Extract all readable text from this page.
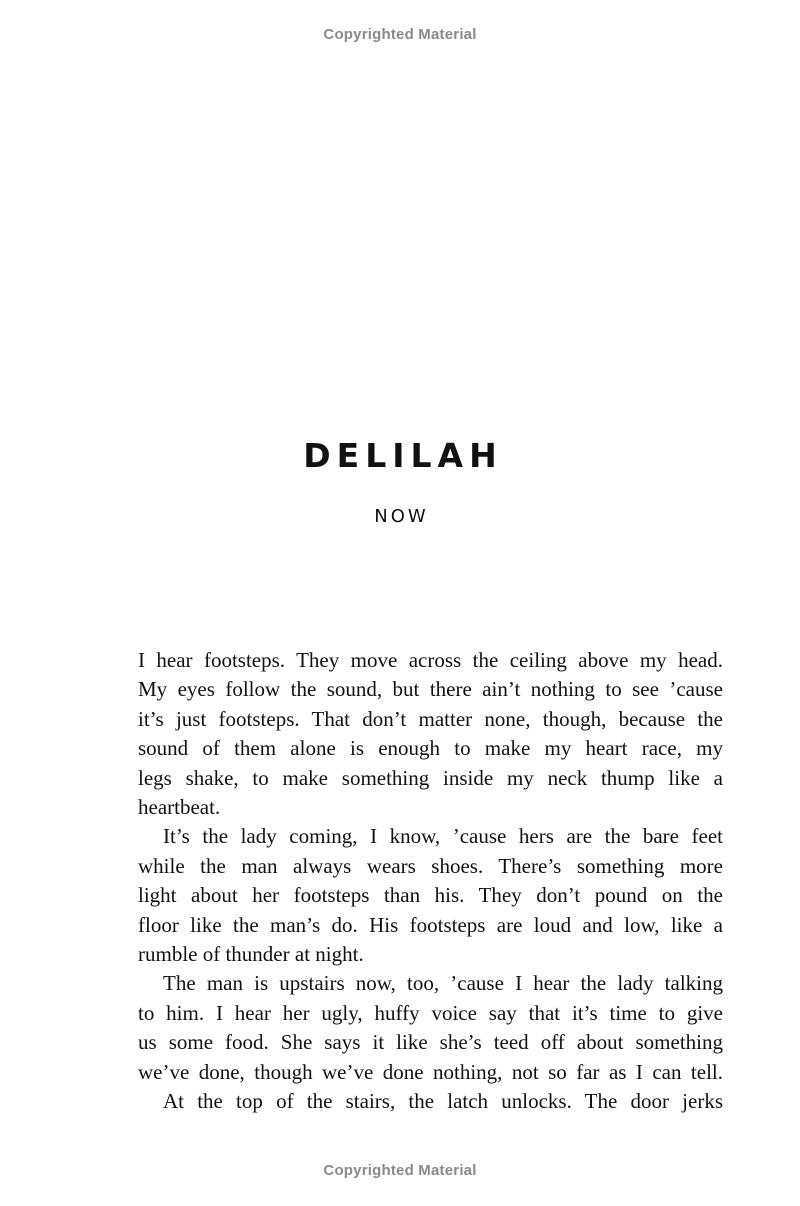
Copyrighted Material
DELILAH
NOW
I hear footsteps. They move across the ceiling above my head.
My eyes follow the sound, but there ain’t nothing to see ’cause
it’s just footsteps. That don’t matter none, though, because the
sound of them alone is enough to make my heart race, my
legs shake, to make something inside my neck thump like a
heartbeat.
It’s the lady coming, I know, ’cause hers are the bare feet
while the man always wears shoes. There’s something more
light about her footsteps than his. They don’t pound on the
floor like the man’s do. His footsteps are loud and low, like a
rumble of thunder at night.
The man is upstairs now, too, ’cause I hear the lady talking
to him. I hear her ugly, huffy voice say that it’s time to give
us some food. She says it like she’s teed off about something
we’ve done, though we’ve done nothing, not so far as I can tell.
At the top of the stairs, the latch unlocks. The door jerks
Copyrighted Material
